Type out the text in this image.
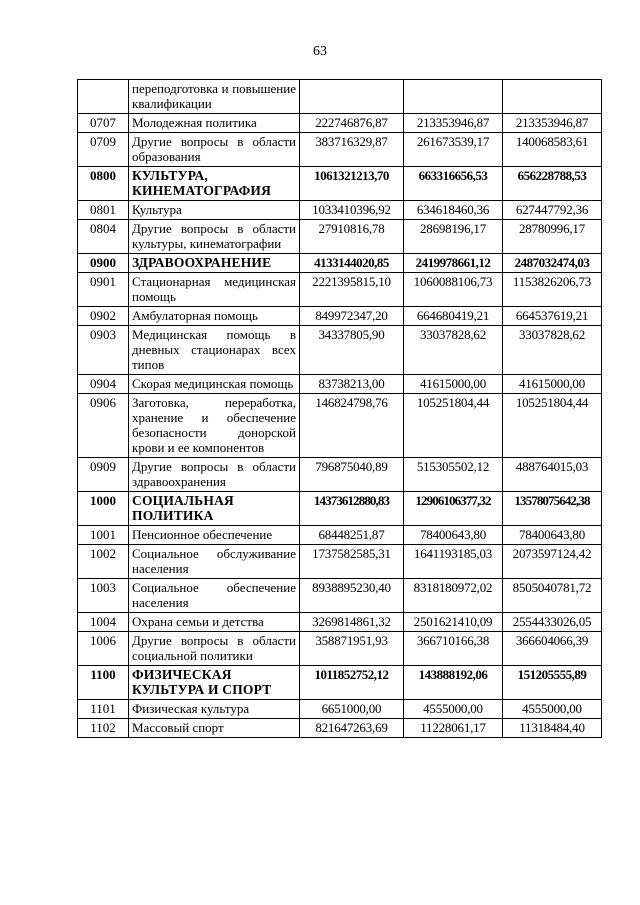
63
	переподготовка и повышение квалификации			
0707	Молодежная политика	222746876,87	213353946,87	213353946,87
0709	Другие вопросы в области образования	383716329,87	261673539,17	140068583,61
0800	КУЛЬТУРА, КИНЕМАТОГРАФИЯ	1061321213,70	663316656,53	656228788,53
0801	Культура	1033410396,92	634618460,36	627447792,36
0804	Другие вопросы в области культуры, кинематографии	27910816,78	28698196,17	28780996,17
0900	ЗДРАВООХРАНЕНИЕ	4133144020,85	2419978661,12	2487032474,03
0901	Стационарная медицинская помощь	2221395815,10	1060088106,73	1153826206,73
0902	Амбулаторная помощь	849972347,20	664680419,21	664537619,21
0903	Медицинская помощь в дневных стационарах всех типов	34337805,90	33037828,62	33037828,62
0904	Скорая медицинская помощь	83738213,00	41615000,00	41615000,00
0906	Заготовка, переработка, хранение и обеспечение безопасности донорской крови и ее компонентов	146824798,76	105251804,44	105251804,44
0909	Другие вопросы в области здравоохранения	796875040,89	515305502,12	488764015,03
1000	СОЦИАЛЬНАЯ ПОЛИТИКА	14373612880,83	12906106377,32	13578075642,38
1001	Пенсионное обеспечение	68448251,87	78400643,80	78400643,80
1002	Социальное обслуживание населения	1737582585,31	1641193185,03	2073597124,42
1003	Социальное обеспечение населения	8938895230,40	8318180972,02	8505040781,72
1004	Охрана семьи и детства	3269814861,32	2501621410,09	2554433026,05
1006	Другие вопросы в области социальной политики	358871951,93	366710166,38	366604066,39
1100	ФИЗИЧЕСКАЯ КУЛЬТУРА И СПОРТ	1011852752,12	143888192,06	151205555,89
1101	Физическая культура	6651000,00	4555000,00	4555000,00
1102	Массовый спорт	821647263,69	11228061,17	11318484,40
